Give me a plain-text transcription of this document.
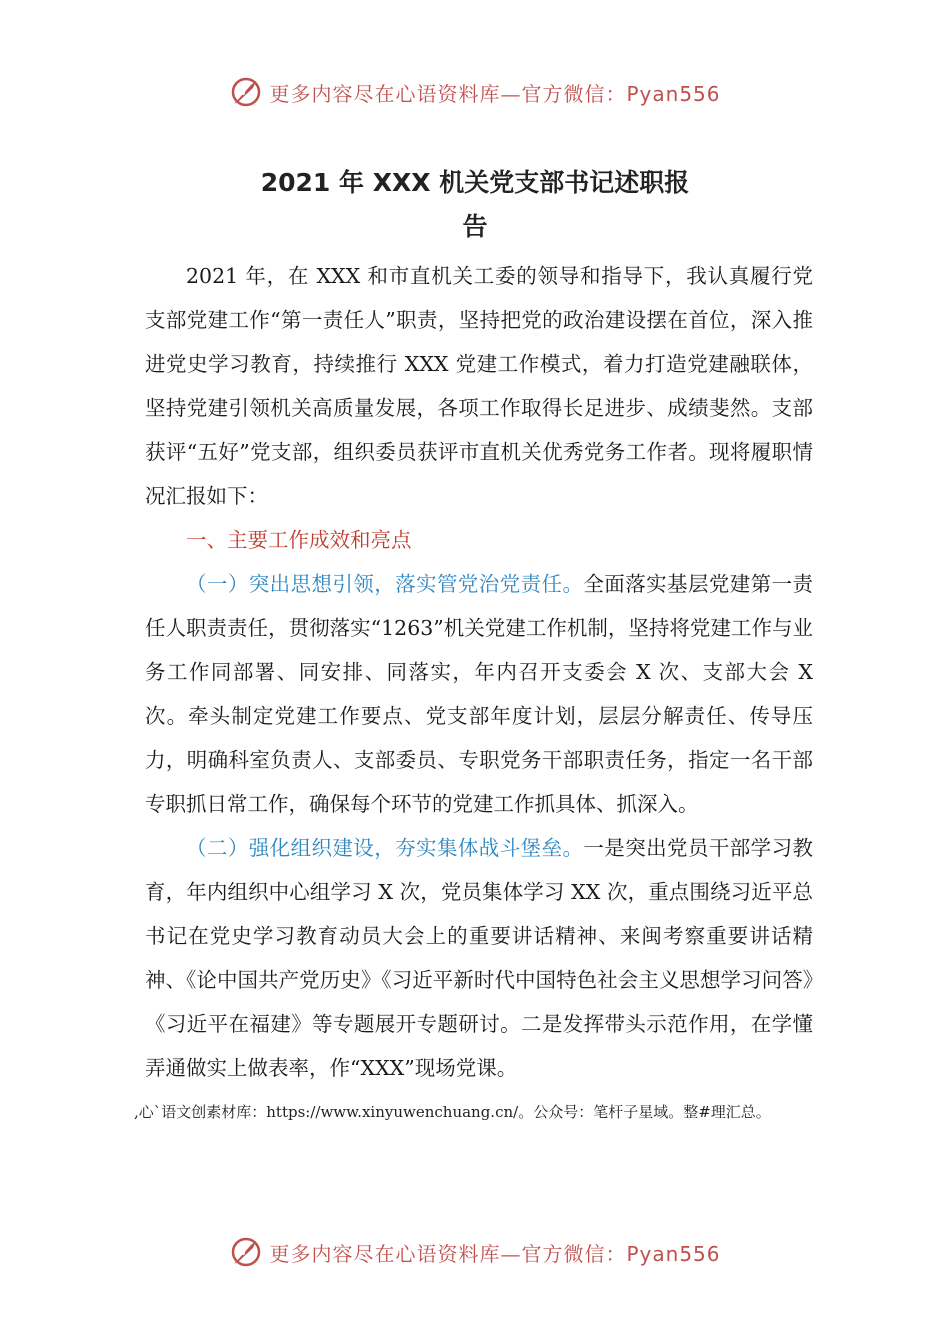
更多内容尽在心语资料库—官方微信：Pyan556
2021 年 XXX 机关党支部书记述职报
告

2021 年，在 XXX 和市直机关工委的领导和指导下，我认真履行党支部党建工作“第一责任人”职责，坚持把党的政治建设摆在首位，深入推进党史学习教育，持续推行 XXX 党建工作模式，着力打造党建融联体，坚持党建引领机关高质量发展，各项工作取得长足进步、成绩斐然。支部获评“五好”党支部，组织委员获评市直机关优秀党务工作者。现将履职情况汇报如下：

一、主要工作成效和亮点

（一）突出思想引领，落实管党治党责任。全面落实基层党建第一责任人职责责任，贯彻落实“1263”机关党建工作机制，坚持将党建工作与业务工作同部署、同安排、同落实，年内召开支委会 X 次、支部大会 X 次。牵头制定党建工作要点、党支部年度计划，层层分解责任、传导压力，明确科室负责人、支部委员、专职党务干部职责任务，指定一名干部专职抓日常工作，确保每个环节的党建工作抓具体、抓深入。

（二）强化组织建设，夯实集体战斗堡垒。一是突出党员干部学习教育，年内组织中心组学习 X 次，党员集体学习 XX 次，重点围绕习近平总书记在党史学习教育动员大会上的重要讲话精神、来闽考察重要讲话精神、《论中国共产党历史》《习近平新时代中国特色社会主义思想学习问答》《习近平在福建》等专题展开专题研讨。二是发挥带头示范作用，在学懂弄通做实上做表率，作“XXX”现场党课。

,心`语文创素材库：https://www.xinyuwenchuang.cn/。公众号：笔杆子星域。整#理汇总。
更多内容尽在心语资料库—官方微信：Pyan556
